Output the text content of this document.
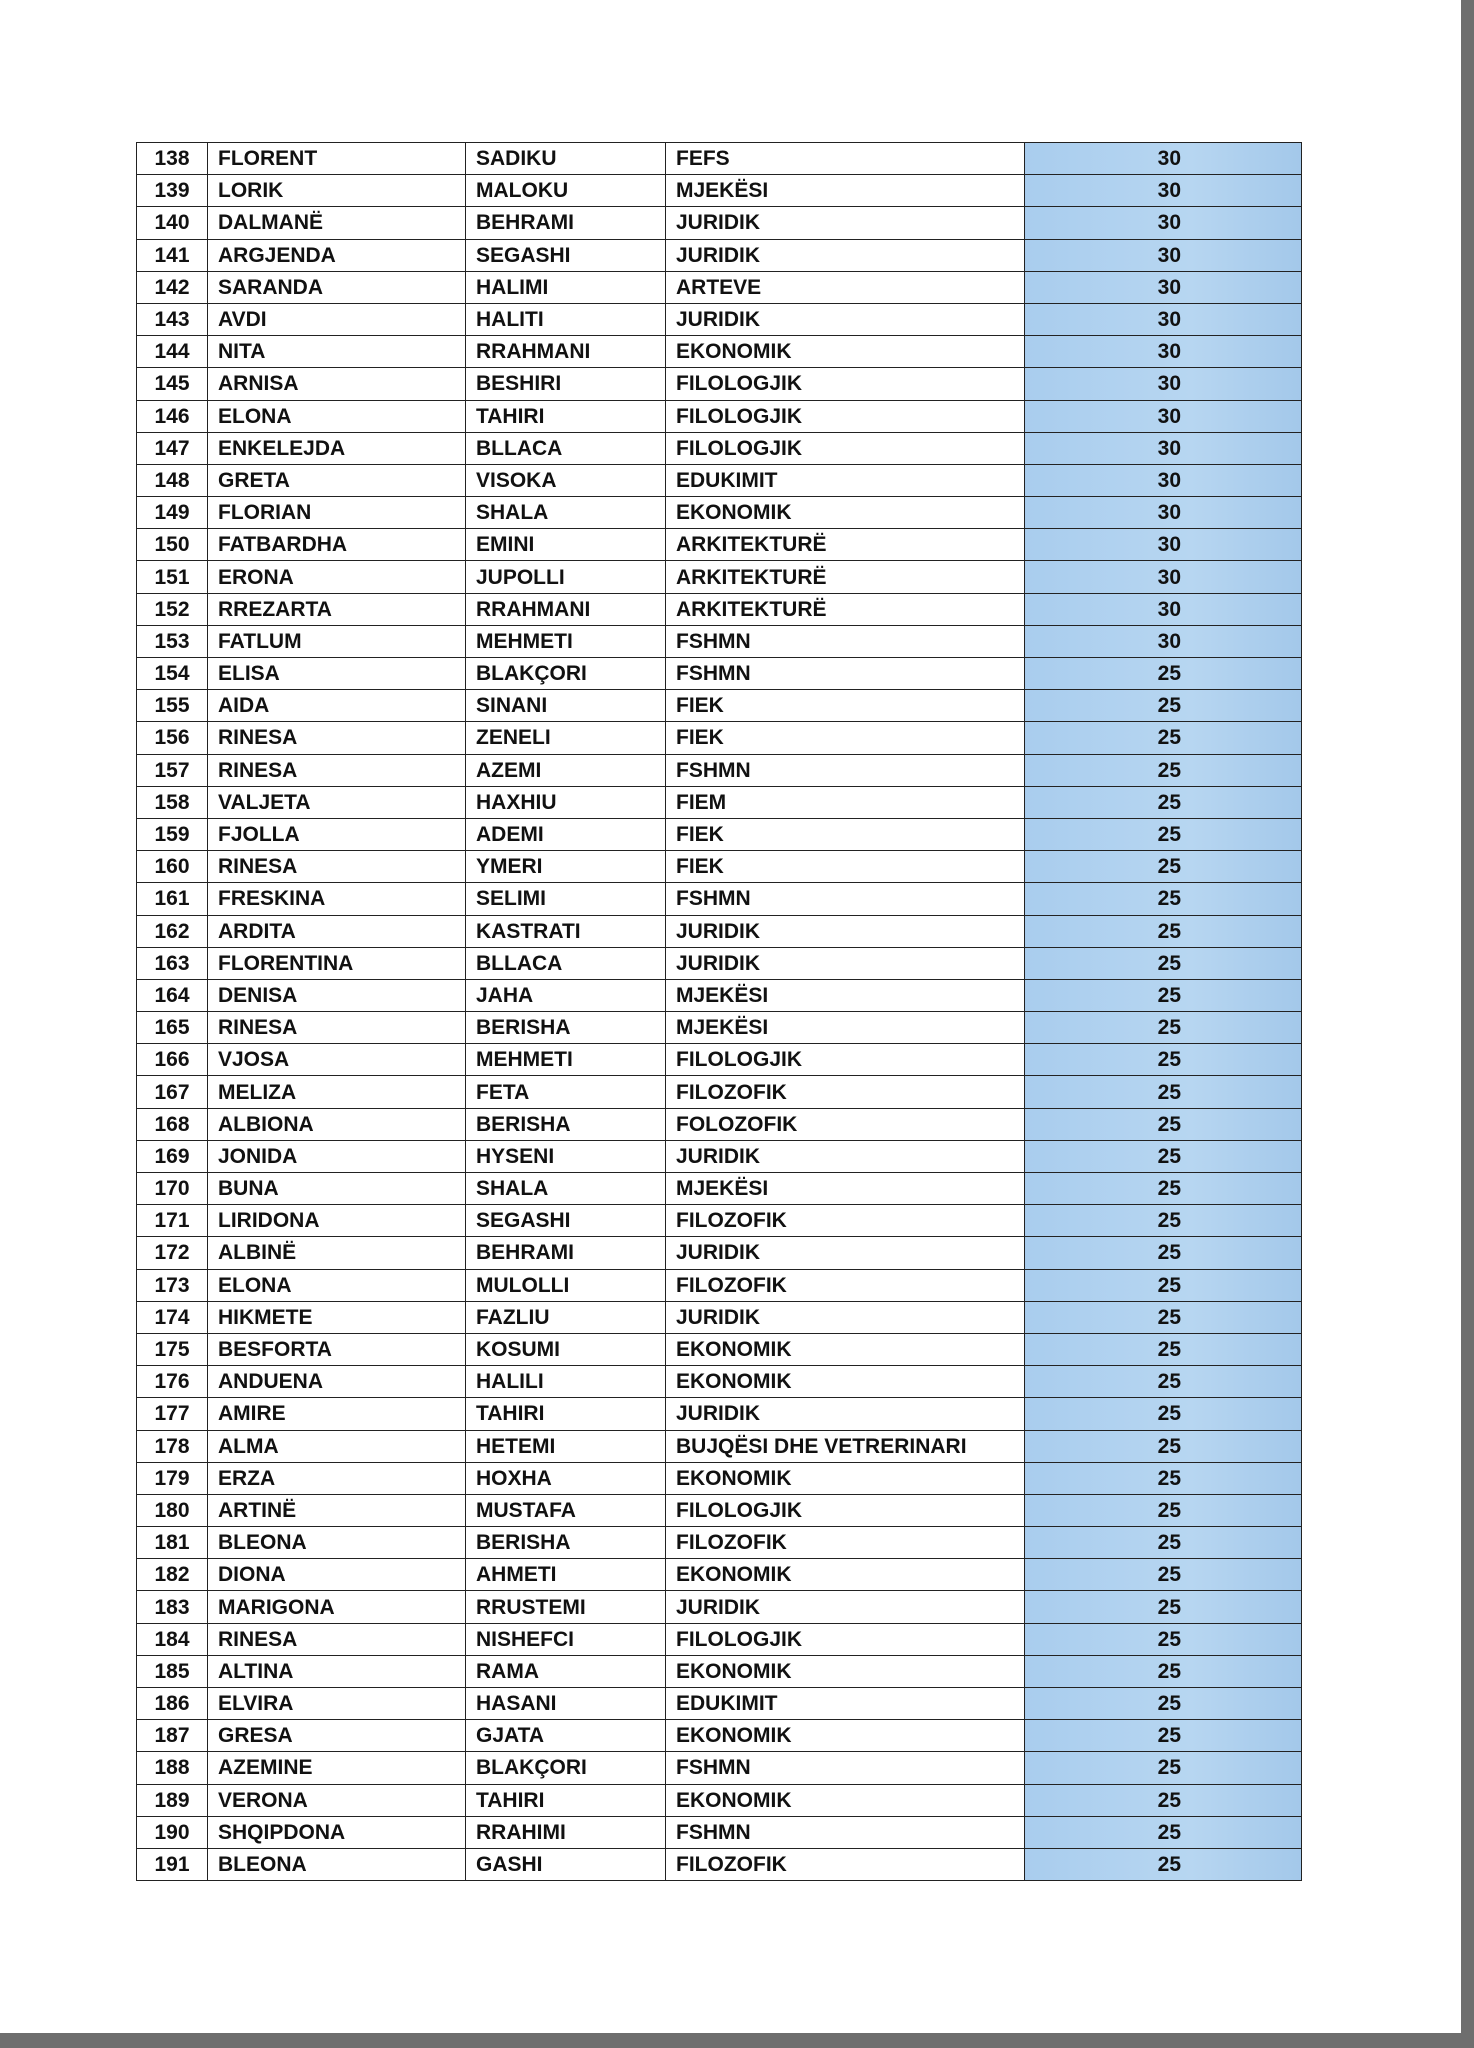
138	FLORENT	SADIKU	FEFS	30
139	LORIK	MALOKU	MJEKËSI	30
140	DALMANË	BEHRAMI	JURIDIK	30
141	ARGJENDA	SEGASHI	JURIDIK	30
142	SARANDA	HALIMI	ARTEVE	30
143	AVDI	HALITI	JURIDIK	30
144	NITA	RRAHMANI	EKONOMIK	30
145	ARNISA	BESHIRI	FILOLOGJIK	30
146	ELONA	TAHIRI	FILOLOGJIK	30
147	ENKELEJDA	BLLACA	FILOLOGJIK	30
148	GRETA	VISOKA	EDUKIMIT	30
149	FLORIAN	SHALA	EKONOMIK	30
150	FATBARDHA	EMINI	ARKITEKTURË	30
151	ERONA	JUPOLLI	ARKITEKTURË	30
152	RREZARTA	RRAHMANI	ARKITEKTURË	30
153	FATLUM	MEHMETI	FSHMN	30
154	ELISA	BLAKÇORI	FSHMN	25
155	AIDA	SINANI	FIEK	25
156	RINESA	ZENELI	FIEK	25
157	RINESA	AZEMI	FSHMN	25
158	VALJETA	HAXHIU	FIEM	25
159	FJOLLA	ADEMI	FIEK	25
160	RINESA	YMERI	FIEK	25
161	FRESKINA	SELIMI	FSHMN	25
162	ARDITA	KASTRATI	JURIDIK	25
163	FLORENTINA	BLLACA	JURIDIK	25
164	DENISA	JAHA	MJEKËSI	25
165	RINESA	BERISHA	MJEKËSI	25
166	VJOSA	MEHMETI	FILOLOGJIK	25
167	MELIZA	FETA	FILOZOFIK	25
168	ALBIONA	BERISHA	FOLOZOFIK	25
169	JONIDA	HYSENI	JURIDIK	25
170	BUNA	SHALA	MJEKËSI	25
171	LIRIDONA	SEGASHI	FILOZOFIK	25
172	ALBINË	BEHRAMI	JURIDIK	25
173	ELONA	MULOLLI	FILOZOFIK	25
174	HIKMETE	FAZLIU	JURIDIK	25
175	BESFORTA	KOSUMI	EKONOMIK	25
176	ANDUENA	HALILI	EKONOMIK	25
177	AMIRE	TAHIRI	JURIDIK	25
178	ALMA	HETEMI	BUJQËSI DHE VETRERINARI	25
179	ERZA	HOXHA	EKONOMIK	25
180	ARTINË	MUSTAFA	FILOLOGJIK	25
181	BLEONA	BERISHA	FILOZOFIK	25
182	DIONA	AHMETI	EKONOMIK	25
183	MARIGONA	RRUSTEMI	JURIDIK	25
184	RINESA	NISHEFCI	FILOLOGJIK	25
185	ALTINA	RAMA	EKONOMIK	25
186	ELVIRA	HASANI	EDUKIMIT	25
187	GRESA	GJATA	EKONOMIK	25
188	AZEMINE	BLAKÇORI	FSHMN	25
189	VERONA	TAHIRI	EKONOMIK	25
190	SHQIPDONA	RRAHIMI	FSHMN	25
191	BLEONA	GASHI	FILOZOFIK	25
